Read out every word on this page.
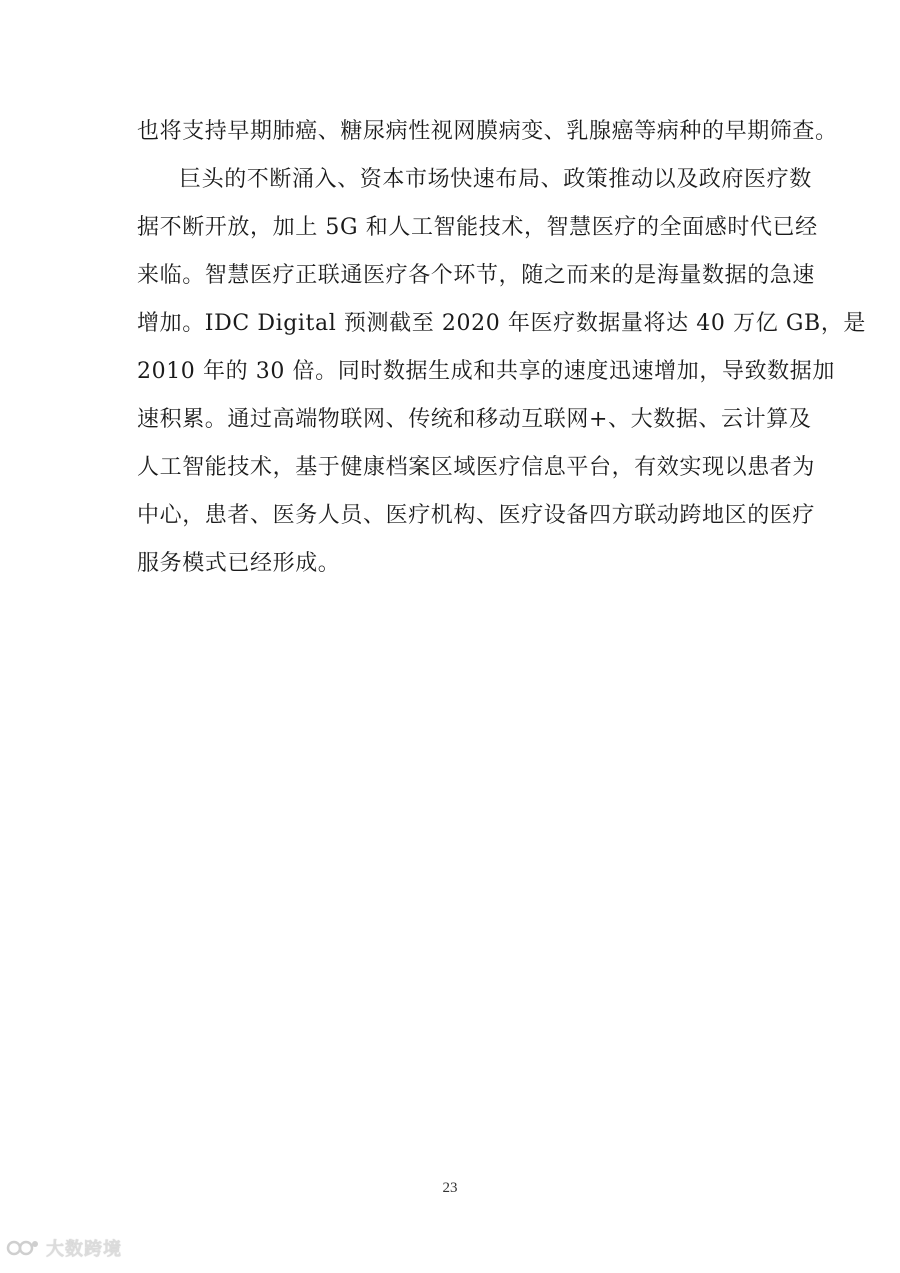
也将支持早期肺癌、糖尿病性视网膜病变、乳腺癌等病种的早期筛查。
巨头的不断涌入、资本市场快速布局、政策推动以及政府医疗数
据不断开放，加上 5G 和人工智能技术，智慧医疗的全面感时代已经
来临。智慧医疗正联通医疗各个环节，随之而来的是海量数据的急速
增加。IDC Digital 预测截至 2020 年医疗数据量将达 40 万亿 GB，是
2010 年的 30 倍。同时数据生成和共享的速度迅速增加，导致数据加
速积累。通过高端物联网、传统和移动互联网+、大数据、云计算及
人工智能技术，基于健康档案区域医疗信息平台，有效实现以患者为
中心，患者、医务人员、医疗机构、医疗设备四方联动跨地区的医疗
服务模式已经形成。
23
大数跨境
